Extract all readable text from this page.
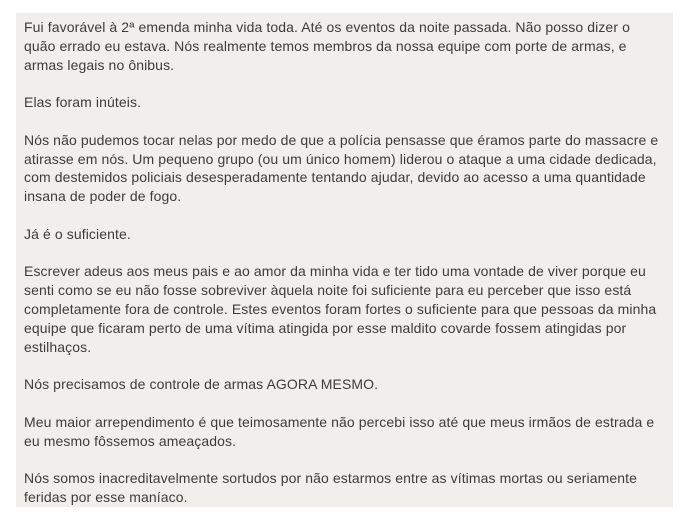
Fui favorável à 2ª emenda minha vida toda. Até os eventos da noite passada. Não posso dizer o quão errado eu estava. Nós realmente temos membros da nossa equipe com porte de armas, e armas legais no ônibus.

Elas foram inúteis.

Nós não pudemos tocar nelas por medo de que a polícia pensasse que éramos parte do massacre e atirasse em nós. Um pequeno grupo (ou um único homem) liderou o ataque a uma cidade dedicada, com destemidos policiais desesperadamente tentando ajudar, devido ao acesso a uma quantidade insana de poder de fogo.

Já é o suficiente.

Escrever adeus aos meus pais e ao amor da minha vida e ter tido uma vontade de viver porque eu senti como se eu não fosse sobreviver àquela noite foi suficiente para eu perceber que isso está completamente fora de controle. Estes eventos foram fortes o suficiente para que pessoas da minha equipe que ficaram perto de uma vítima atingida por esse maldito covarde fossem atingidas por estilhaços.

Nós precisamos de controle de armas AGORA MESMO.

Meu maior arrependimento é que teimosamente não percebi isso até que meus irmãos de estrada e eu mesmo fôssemos ameaçados.

Nós somos inacreditavelmente sortudos por não estarmos entre as vítimas mortas ou seriamente feridas por esse maníaco.
